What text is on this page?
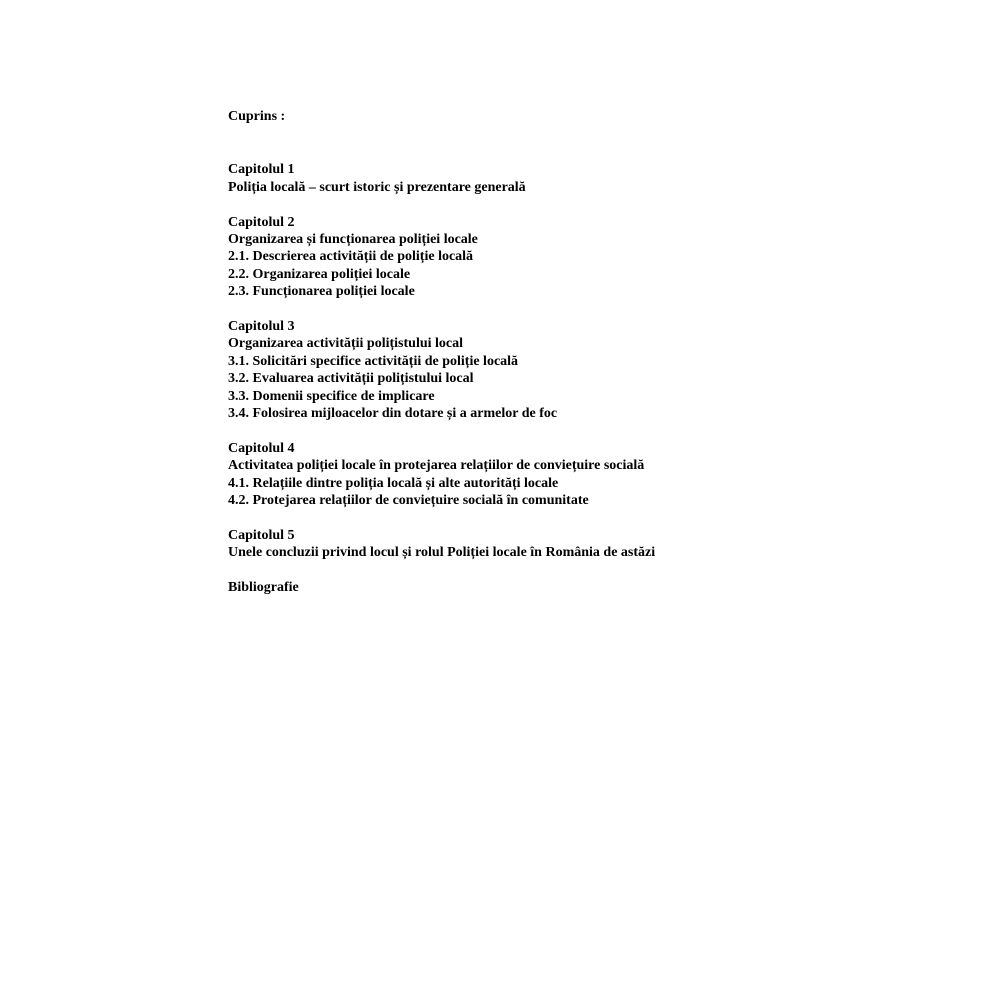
Cuprins :
Capitolul 1
Poliția locală – scurt istoric și prezentare generală
Capitolul 2
Organizarea și funcționarea poliției locale
2.1. Descrierea activității de poliție locală
2.2. Organizarea poliției locale
2.3. Funcționarea poliției locale
Capitolul 3
Organizarea activității polițistului local
3.1. Solicitări specifice activității de poliție locală
3.2. Evaluarea activității polițistului local
3.3. Domenii specifice de implicare
3.4. Folosirea mijloacelor din dotare și a armelor de foc
Capitolul 4
Activitatea poliției locale în protejarea relațiilor de conviețuire socială
4.1. Relațiile dintre poliția locală și alte autorități locale
4.2. Protejarea relațiilor de conviețuire socială în comunitate
Capitolul 5
Unele concluzii privind locul și rolul Poliției locale în România de astăzi
Bibliografie
